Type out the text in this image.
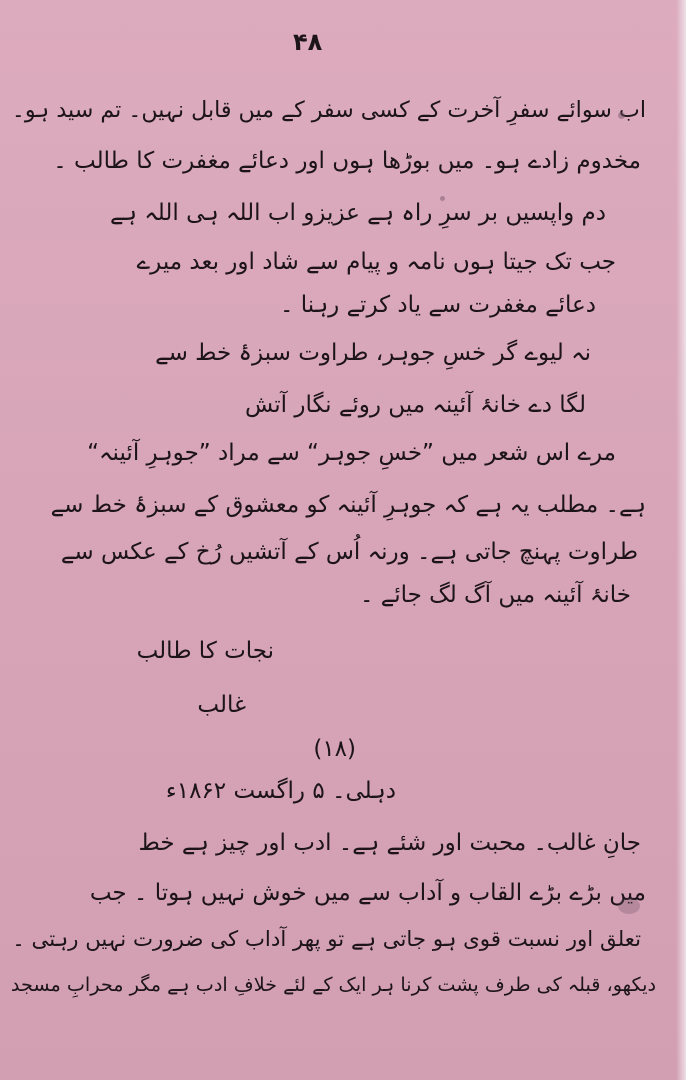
۴۸
اب سوائے سفرِ آخرت کے کسی سفر کے میں قابل نہیں۔ تم سید ہو۔
مخدوم زادے ہو۔ میں بوڑھا ہوں اور دعائے مغفرت کا طالب ۔
دم واپسیں بر سرِ راہ ہے عزیزو اب اللہ ہی اللہ ہے
جب تک جیتا ہوں نامہ و پیام سے شاد اور بعد میرے
دعائے مغفرت سے یاد کرتے رہنا ۔
نہ لیوے گر خسِ جوہر، طراوت سبزۂ خط سے
لگا دے خانۂ آئینہ میں روئے نگار آتش
مرے اس شعر میں ”خسِ جوہر“ سے مراد ”جوہرِ آئینہ“
ہے۔ مطلب یہ ہے کہ جوہرِ آئینہ کو معشوق کے سبزۂ خط سے
طراوت پہنچ جاتی ہے۔ ورنہ اُس کے آتشیں رُخ کے عکس سے
خانۂ آئینہ میں آگ لگ جائے ۔
نجات کا طالب
غالب
(۱۸)
دہلی۔ ۵ راگست ۱۸۶۲ء
جانِ غالب۔ محبت اور شئے ہے۔ ادب اور چیز ہے خط
میں بڑے بڑے القاب و آداب سے میں خوش نہیں ہوتا ۔ جب
تعلق اور نسبت قوی ہو جاتی ہے تو پھر آداب کی ضرورت نہیں رہتی ۔
دیکھو، قبلہ کی طرف پشت کرنا ہر ایک کے لئے خلافِ ادب ہے مگر محرابِ مسجد
